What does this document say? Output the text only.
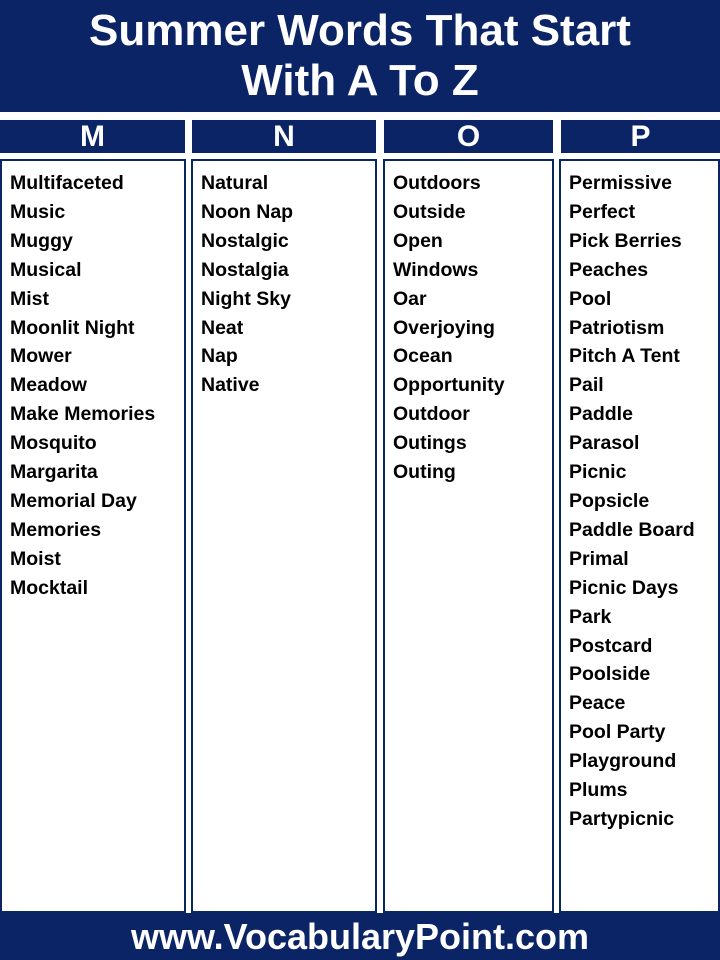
Summer Words That Start
With A To Z
M	N	O	P
Multifaceted
Music
Muggy
Musical
Mist
Moonlit Night
Mower
Meadow
Make Memories
Mosquito
Margarita
Memorial Day
Memories
Moist
Mocktail
Natural
Noon Nap
Nostalgic
Nostalgia
Night Sky
Neat
Nap
Native
Outdoors
Outside
Open
Windows
Oar
Overjoying
Ocean
Opportunity
Outdoor
Outings
Outing
Permissive
Perfect
Pick Berries
Peaches
Pool
Patriotism
Pitch A Tent
Pail
Paddle
Parasol
Picnic
Popsicle
Paddle Board
Primal
Picnic Days
Park
Postcard
Poolside
Peace
Pool Party
Playground
Plums
Partypicnic
www.VocabularyPoint.com
